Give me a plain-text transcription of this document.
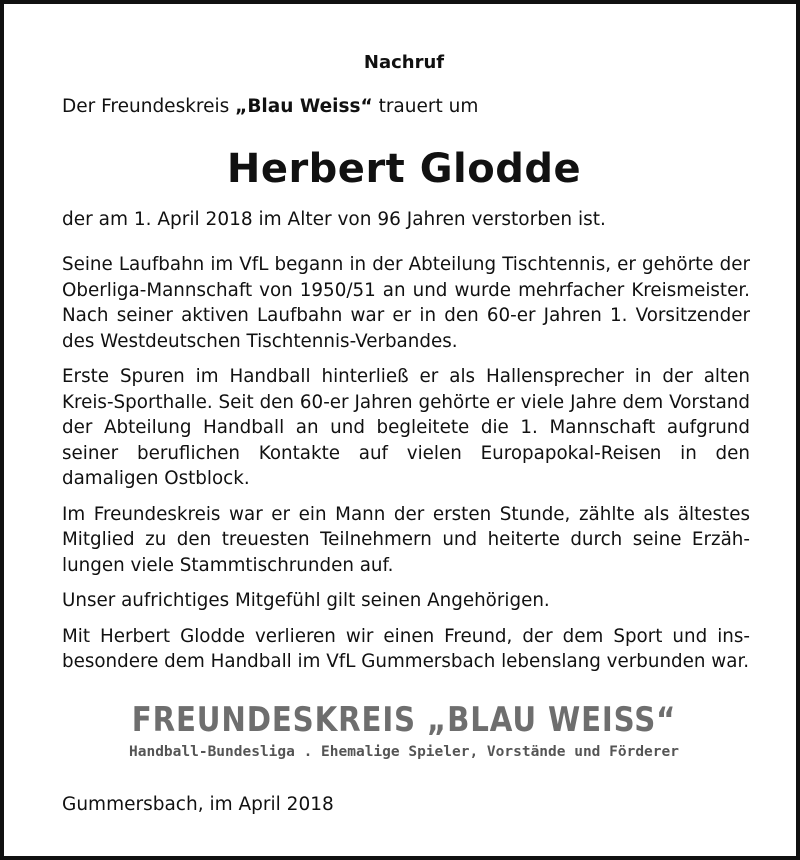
Nachruf
Der Freundeskreis „Blau Weiss“ trauert um
Herbert Glodde
der am 1. April 2018 im Alter von 96 Jahren verstorben ist.

Seine Laufbahn im VfL begann in der Abteilung Tischtennis, er gehörte der Oberliga-Mannschaft von 1950/51 an und wurde mehrfacher Kreismeister. Nach seiner aktiven Laufbahn war er in den 60-er Jahren 1. Vorsitzender des Westdeutschen Tischtennis-Verbandes.

Erste Spuren im Handball hinterließ er als Hallensprecher in der alten Kreis-Sporthalle. Seit den 60-er Jahren gehörte er viele Jahre dem Vorstand der Abteilung Handball an und begleitete die 1. Mannschaft aufgrund seiner beruflichen Kontakte auf vielen Europapokal-Reisen in den damaligen Ostblock.

Im Freundeskreis war er ein Mann der ersten Stunde, zählte als ältestes Mitglied zu den treuesten Teilnehmern und heiterte durch seine Erzählungen viele Stammtischrunden auf.

Unser aufrichtiges Mitgefühl gilt seinen Angehörigen.

Mit Herbert Glodde verlieren wir einen Freund, der dem Sport und insbesondere dem Handball im VfL Gummersbach lebenslang verbunden war.

FREUNDESKREIS „BLAU WEISS“
Handball-Bundesliga . Ehemalige Spieler, Vorstände und Förderer
Gummersbach, im April 2018
